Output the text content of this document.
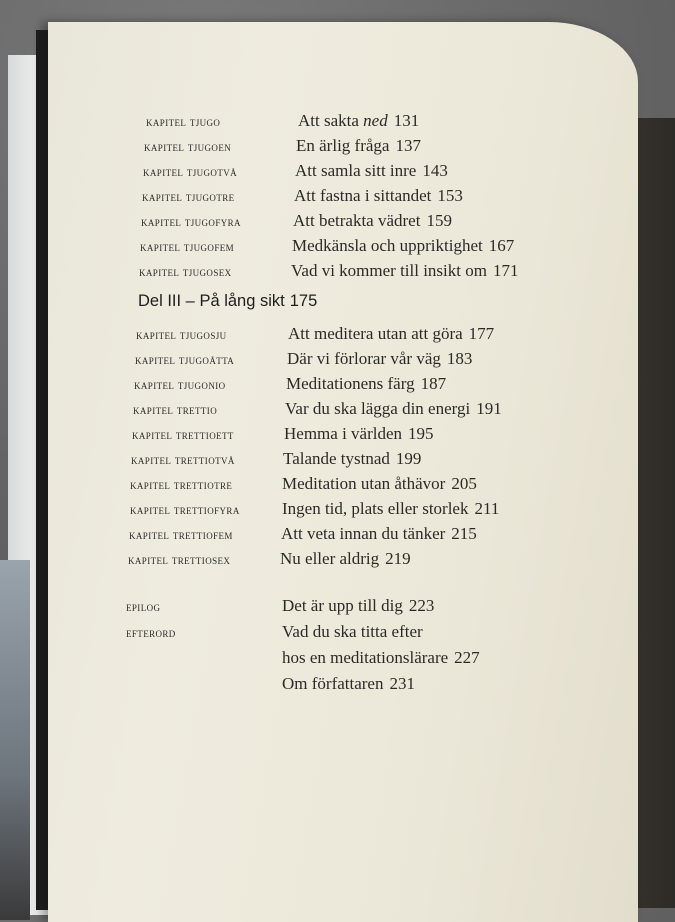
kapitel tjugo	Att sakta ned 131
kapitel tjugoen	En ärlig fråga 137
kapitel tjugotvå	Att samla sitt inre 143
kapitel tjugotre	Att fastna i sittandet 153
kapitel tjugofyra	Att betrakta vädret 159
kapitel tjugofem	Medkänsla och uppriktighet 167
kapitel tjugosex	Vad vi kommer till insikt om 171
Del III – På lång sikt 175
kapitel tjugosju	Att meditera utan att göra 177
kapitel tjugoåtta	Där vi förlorar vår väg 183
kapitel tjugonio	Meditationens färg 187
kapitel trettio	Var du ska lägga din energi 191
kapitel trettioett	Hemma i världen 195
kapitel trettiotvå	Talande tystnad 199
kapitel trettiotre	Meditation utan åthävor 205
kapitel trettiofyra Ingen tid, plats eller storlek 211
kapitel trettiofem	Att veta innan du tänker 215
kapitel trettiosex	Nu eller aldrig 219
epilog	Det är upp till dig 223
efterord	Vad du ska titta efter
hos en meditationslärare 227
Om författaren 231
